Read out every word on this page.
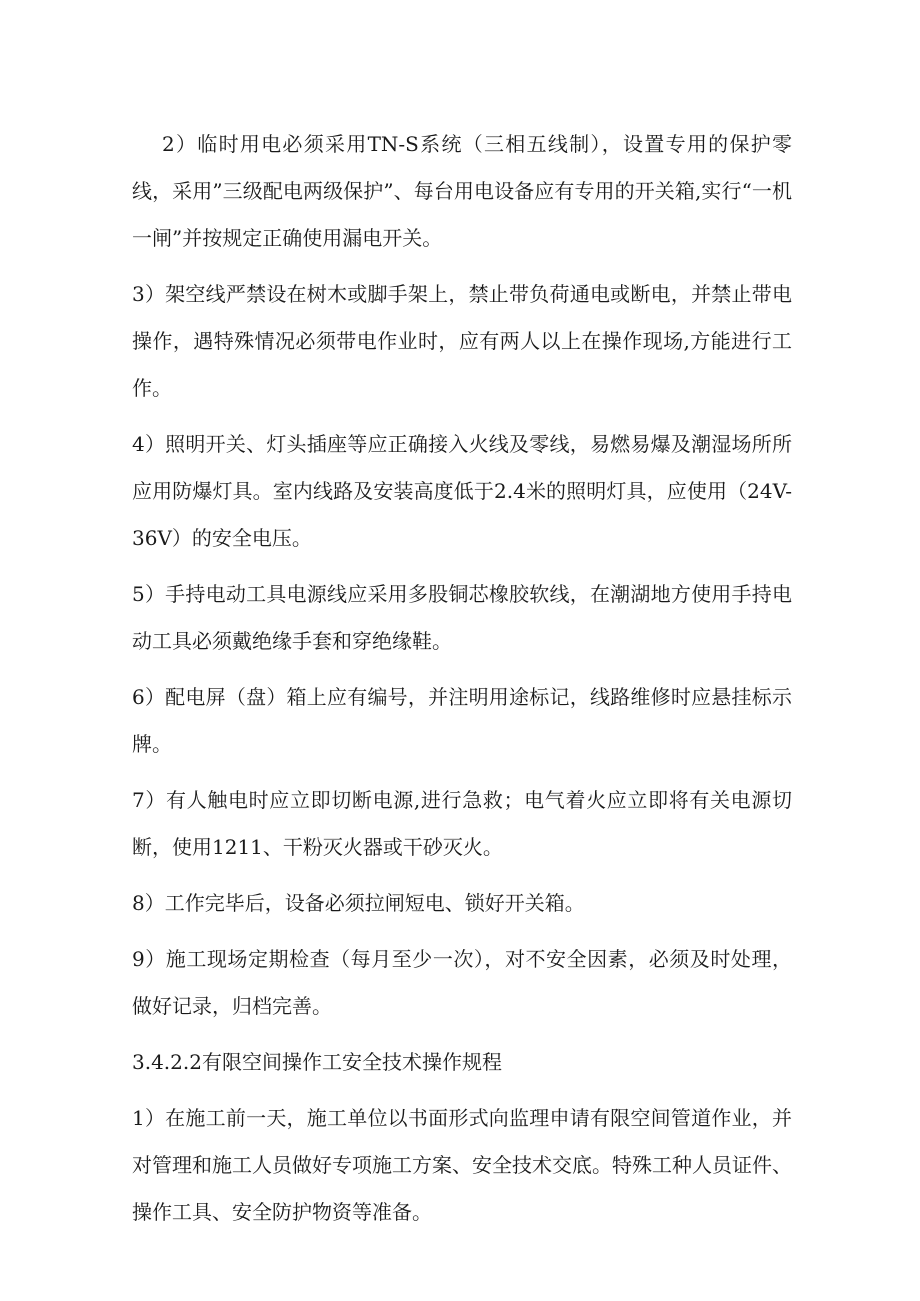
2）临时用电必须采用TN-S系统（三相五线制），设置专用的保护零线，采用”三级配电两级保护”、每台用电设备应有专用的开关箱,实行“一机一闸”并按规定正确使用漏电开关。

3）架空线严禁设在树木或脚手架上，禁止带负荷通电或断电，并禁止带电操作，遇特殊情况必须带电作业时，应有两人以上在操作现场,方能进行工作。

4）照明开关、灯头插座等应正确接入火线及零线，易燃易爆及潮湿场所所应用防爆灯具。室内线路及安装高度低于2.4米的照明灯具，应使用（24V-36V）的安全电压。

5）手持电动工具电源线应采用多股铜芯橡胶软线，在潮湖地方使用手持电动工具必须戴绝缘手套和穿绝缘鞋。

6）配电屏（盘）箱上应有编号，并注明用途标记，线路维修时应悬挂标示牌。

7）有人触电时应立即切断电源,进行急救；电气着火应立即将有关电源切断，使用1211、干粉灭火器或干砂灭火。

8）工作完毕后，设备必须拉闸短电、锁好开关箱。

9）施工现场定期检查（每月至少一次），对不安全因素，必须及时处理，做好记录，归档完善。

3.4.2.2有限空间操作工安全技术操作规程

1）在施工前一天，施工单位以书面形式向监理申请有限空间管道作业，并对管理和施工人员做好专项施工方案、安全技术交底。特殊工种人员证件、操作工具、安全防护物资等准备。
